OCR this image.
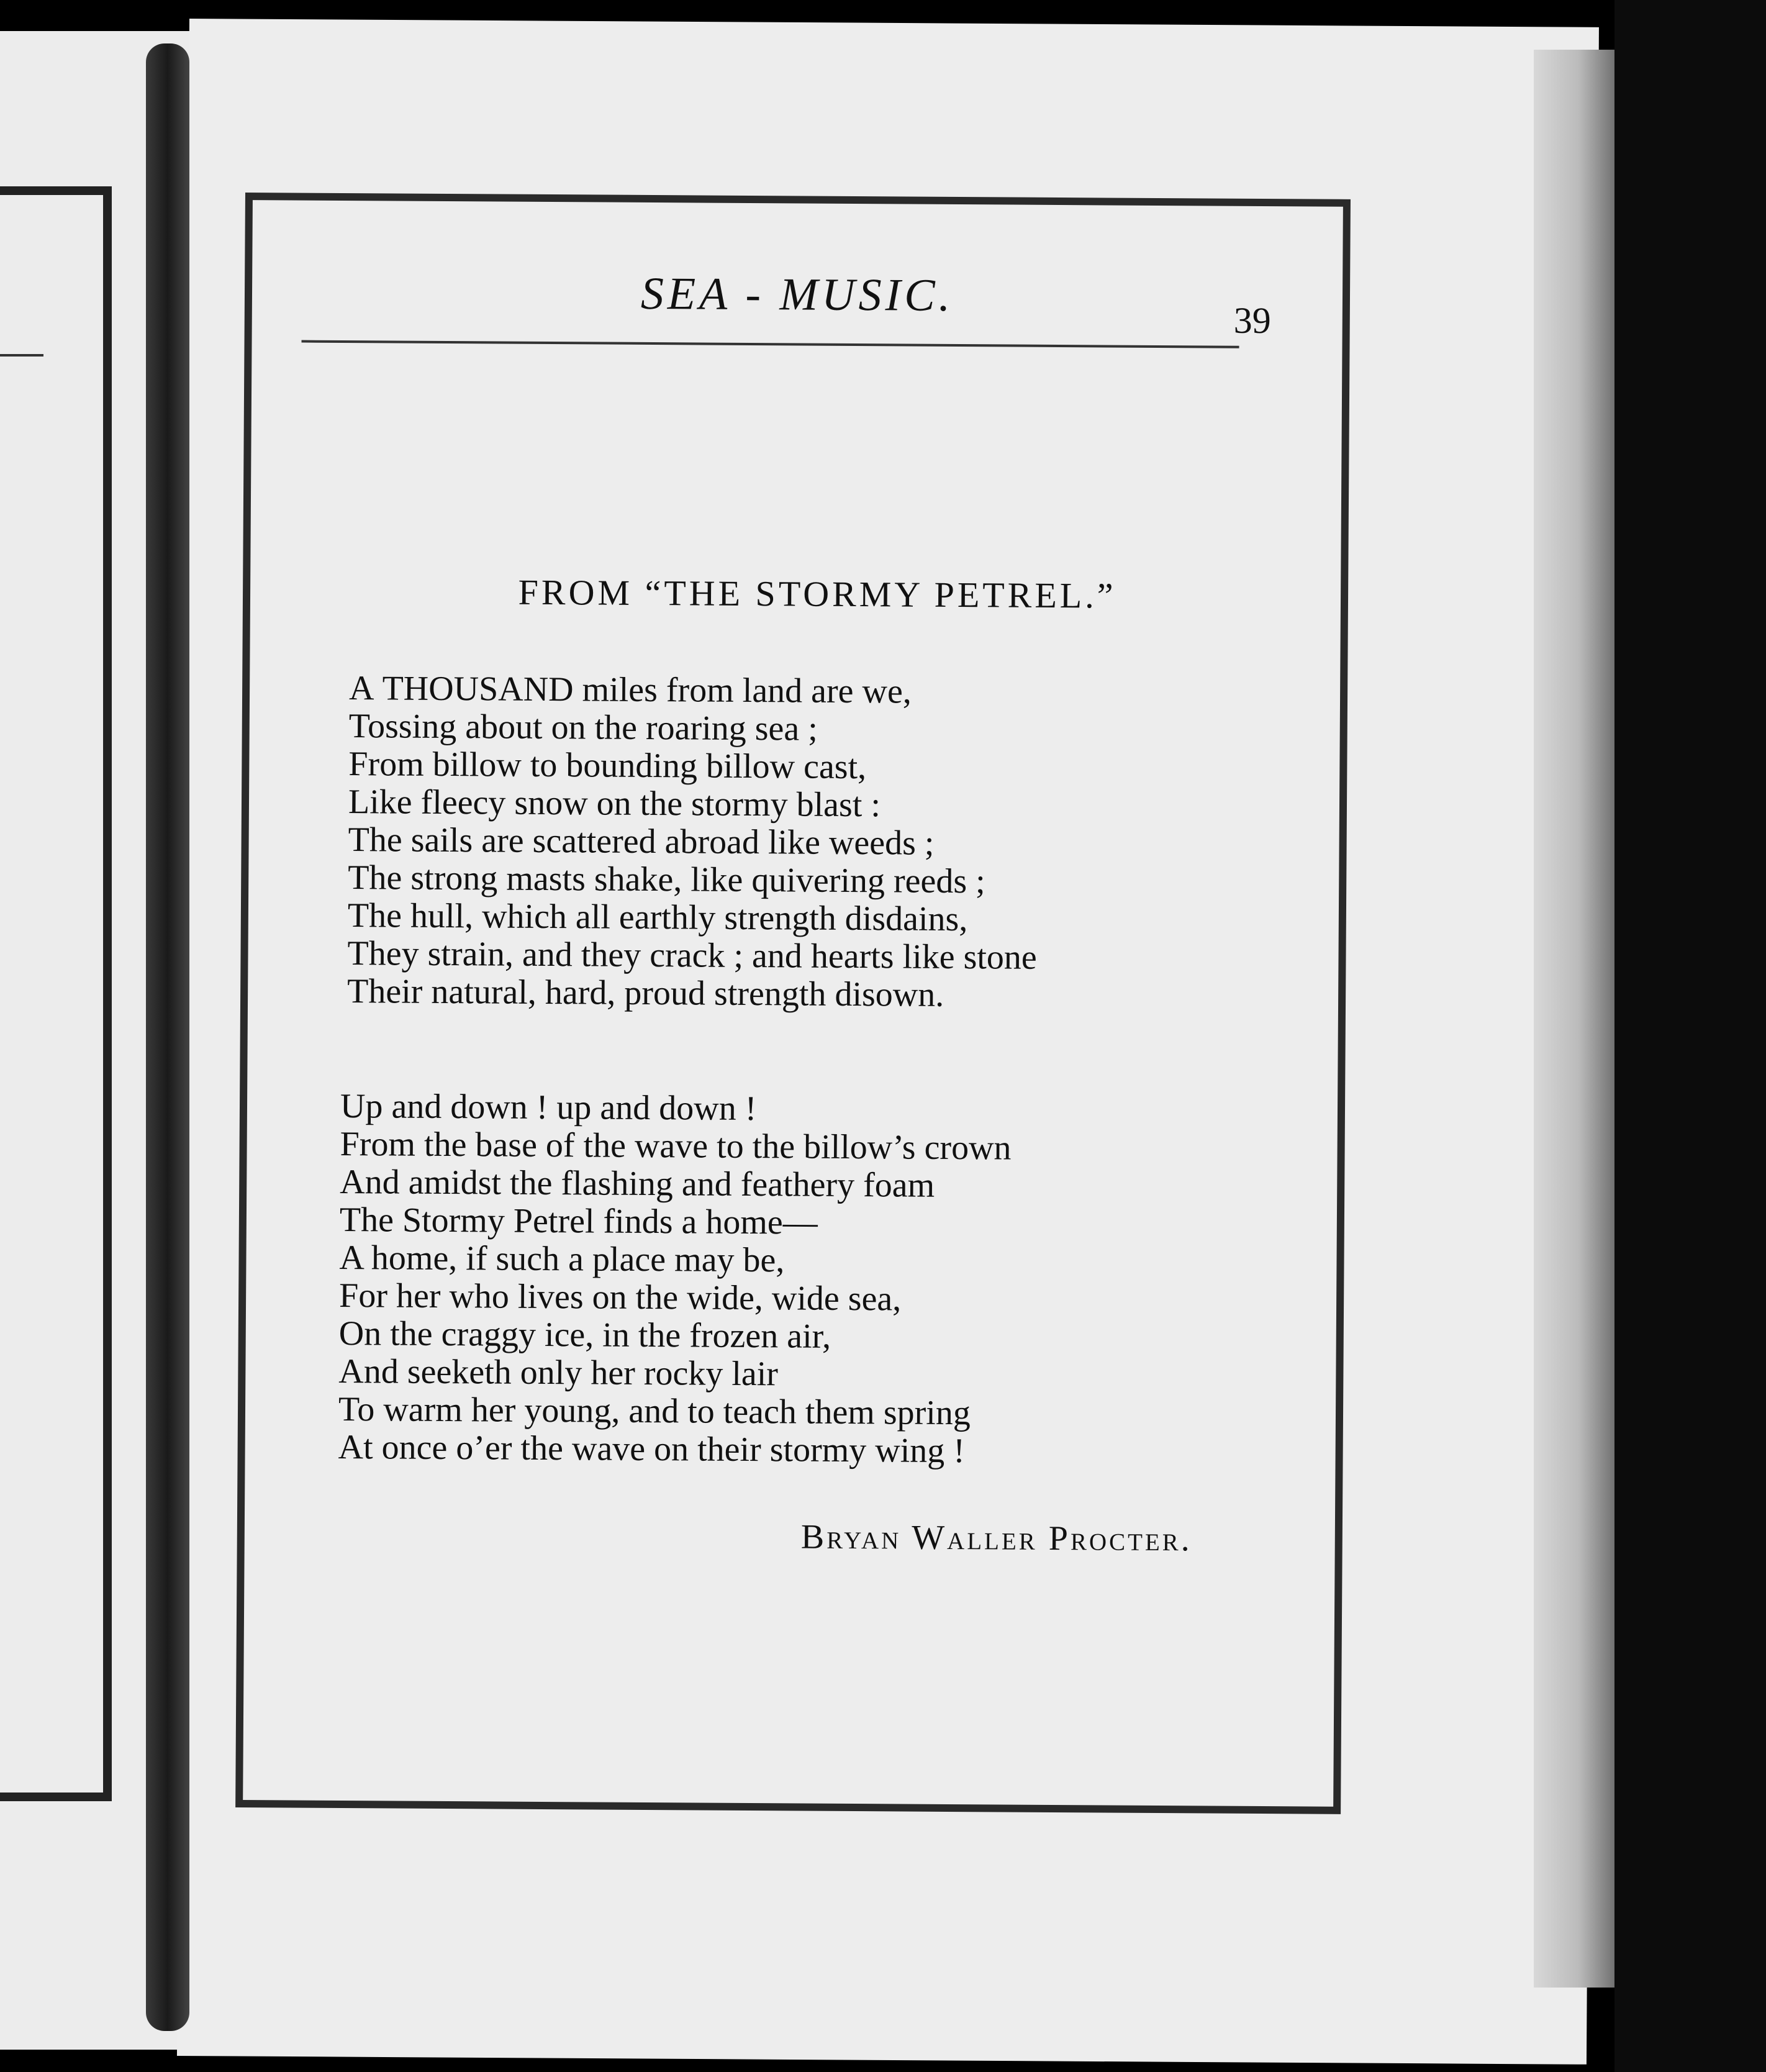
SEA - MUSIC.	39
FROM “THE STORMY PETREL.”
A THOUSAND miles from land are we,
Tossing about on the roaring sea ;
From billow to bounding billow cast,
Like fleecy snow on the stormy blast :
The sails are scattered abroad like weeds ;
The strong masts shake, like quivering reeds ;
The hull, which all earthly strength disdains,
They strain, and they crack ; and hearts like stone
Their natural, hard, proud strength disown.
Up and down ! up and down !
From the base of the wave to the billow’s crown
And amidst the flashing and feathery foam
The Stormy Petrel finds a home—
A home, if such a place may be,
For her who lives on the wide, wide sea,
On the craggy ice, in the frozen air,
And seeketh only her rocky lair
To warm her young, and to teach them spring
At once o’er the wave on their stormy wing !
Bryan Waller Procter.
